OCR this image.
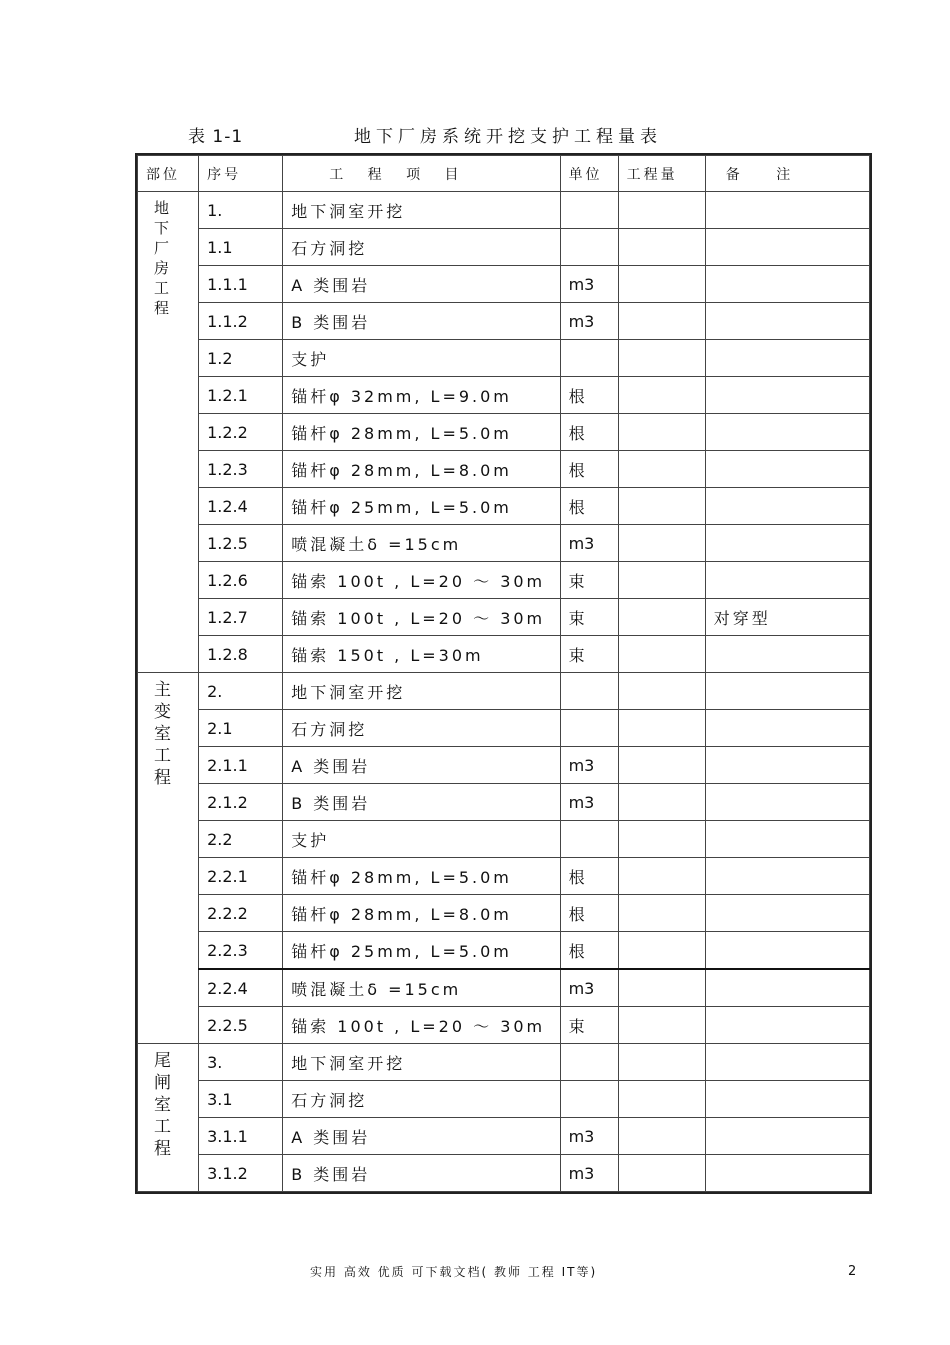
表 1-1	地下厂房系统开挖支护工程量表
部位	序号	工 程 项 目	单位	工程量	备 注

地下厂房工程	1.	地下洞室开挖			
	1.1	石方洞挖			
	1.1.1	A 类围岩	m3		
	1.1.2	B 类围岩	m3		
	1.2	支护			
	1.2.1	锚杆φ 32mm, L=9.0m	根		
	1.2.2	锚杆φ 28mm, L=5.0m	根		
	1.2.3	锚杆φ 28mm, L=8.0m	根		
	1.2.4	锚杆φ 25mm, L=5.0m	根		
	1.2.5	喷混凝土δ =15cm	m3		
	1.2.6	锚索 100t , L=20 ～ 30m	束		
	1.2.7	锚索 100t , L=20 ～ 30m	束		对穿型
	1.2.8	锚索 150t , L=30m	束		

主变室工程	2.	地下洞室开挖			
	2.1	石方洞挖			
	2.1.1	A 类围岩	m3		
	2.1.2	B 类围岩	m3		
	2.2	支护			
	2.2.1	锚杆φ 28mm, L=5.0m	根		
	2.2.2	锚杆φ 28mm, L=8.0m	根		
	2.2.3	锚杆φ 25mm, L=5.0m	根		
	2.2.4	喷混凝土δ =15cm	m3		
	2.2.5	锚索 100t , L=20 ～ 30m	束		

尾闸室工程	3.	地下洞室开挖			
	3.1	石方洞挖			
	3.1.1	A 类围岩	m3		
	3.1.2	B 类围岩	m3		
实用 高效 优质 可下载文档( 教师 工程 IT等)	2
